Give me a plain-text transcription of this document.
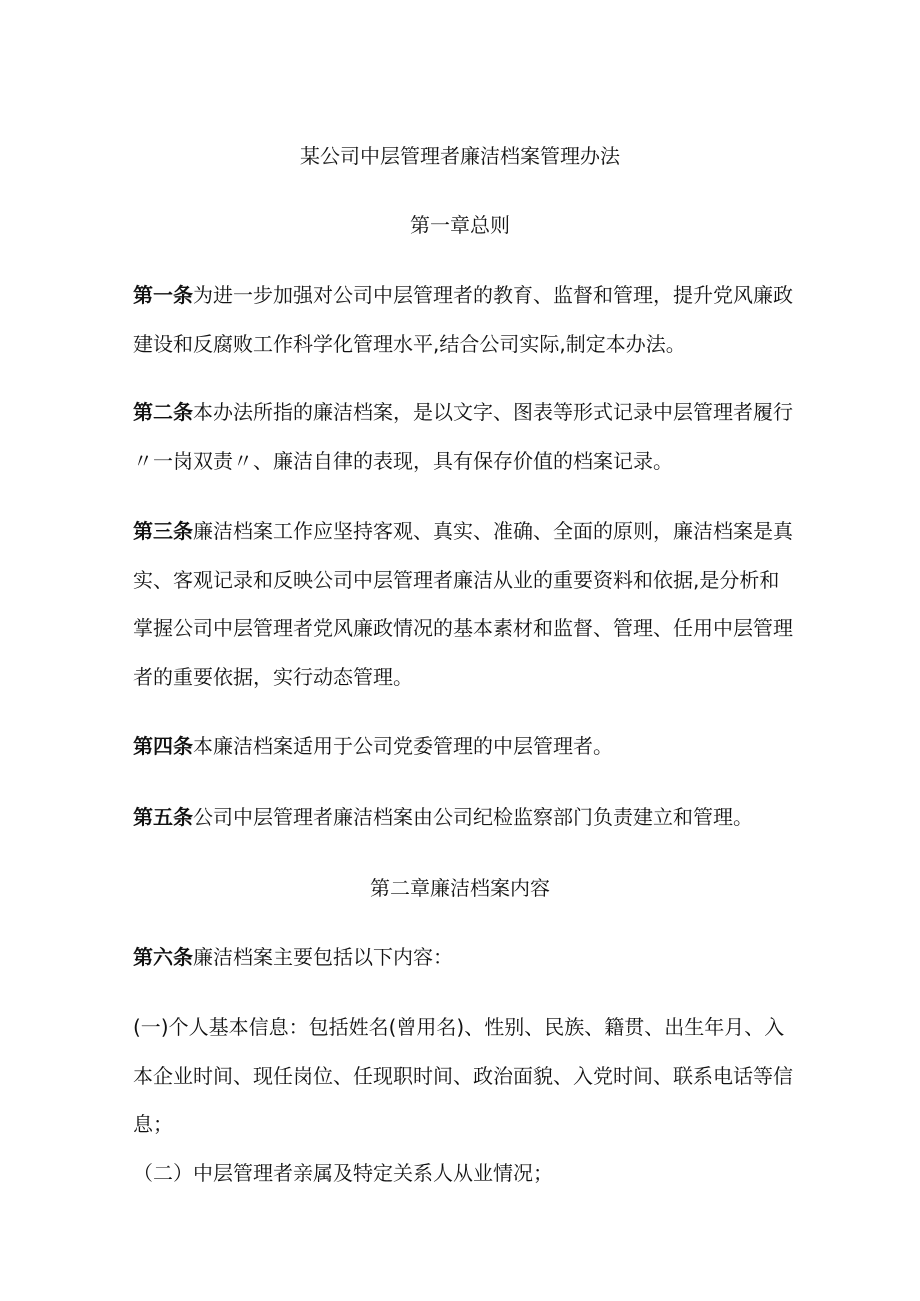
某公司中层管理者廉洁档案管理办法
第一章总则

第一条为进一步加强对公司中层管理者的教育、监督和管理，提升党风廉政建设和反腐败工作科学化管理水平,结合公司实际,制定本办法。

第二条本办法所指的廉洁档案，是以文字、图表等形式记录中层管理者履行〃一岗双责〃、廉洁自律的表现，具有保存价值的档案记录。

第三条廉洁档案工作应坚持客观、真实、准确、全面的原则，廉洁档案是真实、客观记录和反映公司中层管理者廉洁从业的重要资料和依据,是分析和掌握公司中层管理者党风廉政情况的基本素材和监督、管理、任用中层管理者的重要依据，实行动态管理。

第四条本廉洁档案适用于公司党委管理的中层管理者。

第五条公司中层管理者廉洁档案由公司纪检监察部门负责建立和管理。

第二章廉洁档案内容

第六条廉洁档案主要包括以下内容：

(一)个人基本信息：包括姓名(曾用名)、性别、民族、籍贯、出生年月、入本企业时间、现任岗位、任现职时间、政治面貌、入党时间、联系电话等信息；

（二）中层管理者亲属及特定关系人从业情况；
